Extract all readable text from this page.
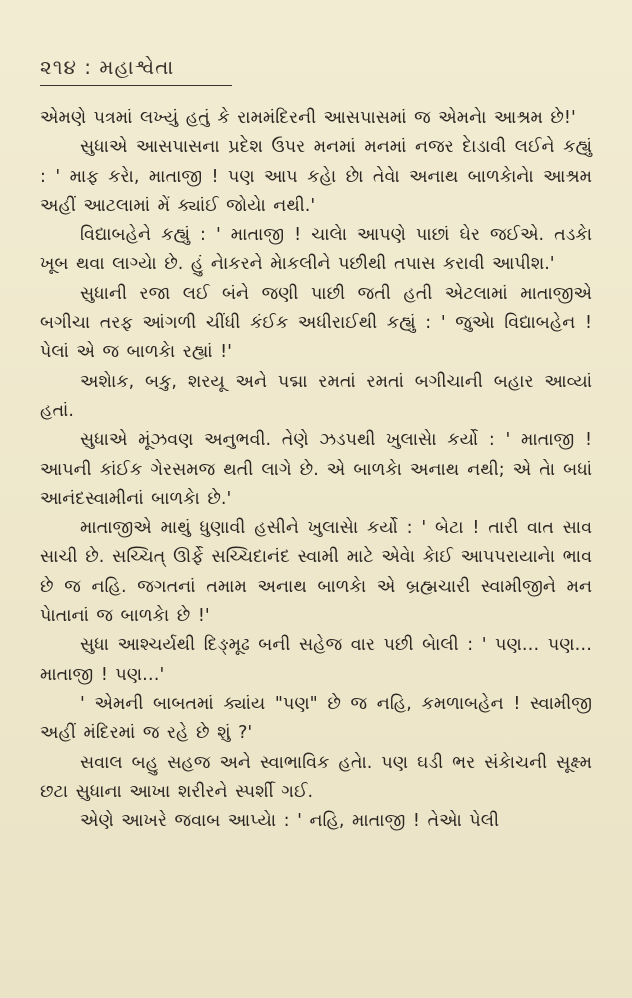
૨૧૪ : મહાશ્વેતા

એમણે પત્રમાં લખ્યું હતું કે રામમંદિરની આસપાસમાં જ એમનેા આશ્રમ છે!'

સુધાએ આસપાસના પ્રદેશ ઉપર મનમાં મનમાં નજર દેાડાવી લઈને કહ્યું : ' માફ કરેા, માતાજી ! પણ આપ કહેા છેા તેવેા અનાથ બાળકેાનેા આશ્રમ અહીં આટલામાં મેં ક્યાંઈ જોયેા નથી.'

વિદ્યાબહેને કહ્યું : ' માતાજી ! ચાલેા આપણે પાછાં ઘેર જઈએ. તડકેા ખૂબ થવા લાગ્યેા છે. હું નેાકરને મેાકલીને પછીથી તપાસ કરાવી આપીશ.'

સુધાની રજા લઈ બંને જણી પાછી જતી હતી એટલામાં માતાજીએ બગીચા તરફ આંગળી ચીંધી કંઈક અધીરાઈથી કહ્યું : ' જુએા વિદ્યાબહેન ! પેલાં એ જ બાળકેા રહ્યાં !'

અશેાક, બકુ, શરયૂ અને પદ્મા રમતાં રમતાં બગીચાની બહાર આવ્યાં હતાં.

સુધાએ મૂંઝવણ અનુભવી. તેણે ઝડપથી ખુલાસેા કર્યો : ' માતાજી ! આપની કાંઈક ગેરસમજ થતી લાગે છે. એ બાળકેા અનાથ નથી; એ તેા બધાં આનંદસ્વામીનાં બાળકેા છે.'

માતાજીએ માથું ધુણાવી હસીને ખુલાસેા કર્યો : ' બેટા ! તારી વાત સાવ સાચી છે. સચ્ચિત્ ઊર્ફે સચ્ચિદાનંદ સ્વામી માટે એવેા કેાઈ આપપરાયાનેા ભાવ છે જ નહિ. જગતનાં તમામ અનાથ બાળકેા એ બ્રહ્મચારી સ્વામીજીને મન પેાતાનાં જ બાળકેા છે !'

સુધા આશ્ચર્યથી દિઙ્મૂઢ બની સહેજ વાર પછી બેાલી : ' પણ… પણ…માતાજી ! પણ…'

' એમની બાબતમાં ક્યાંય "પણ" છે જ નહિ, કમળાબહેન ! સ્વામીજી અહીં મંદિરમાં જ રહે છે શું ?'

સવાલ બહુ સહજ અને સ્વાભાવિક હતેા. પણ ઘડી ભર સંકેાચની સૂક્ષ્મ છટા સુધાના આખા શરીરને સ્પર્શી ગઈ.

એણે આખરે જવાબ આપ્યેા : ' નહિ, માતાજી ! તેએા પેલી
